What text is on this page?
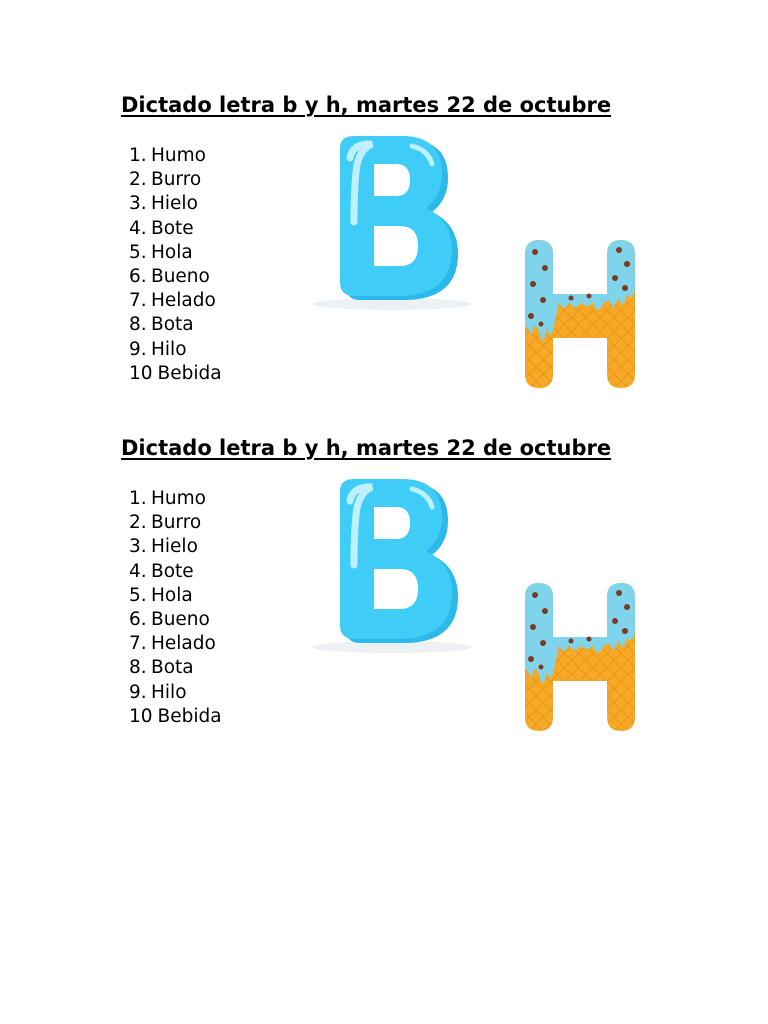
Dictado letra b y h, martes 22 de octubre
1. Humo
2. Burro
3. Hielo
4. Bote
5. Hola
6. Bueno
7. Helado
8. Bota
9. Hilo
10 Bebida
Dictado letra b y h, martes 22 de octubre
1. Humo
2. Burro
3. Hielo
4. Bote
5. Hola
6. Bueno
7. Helado
8. Bota
9. Hilo
10 Bebida
